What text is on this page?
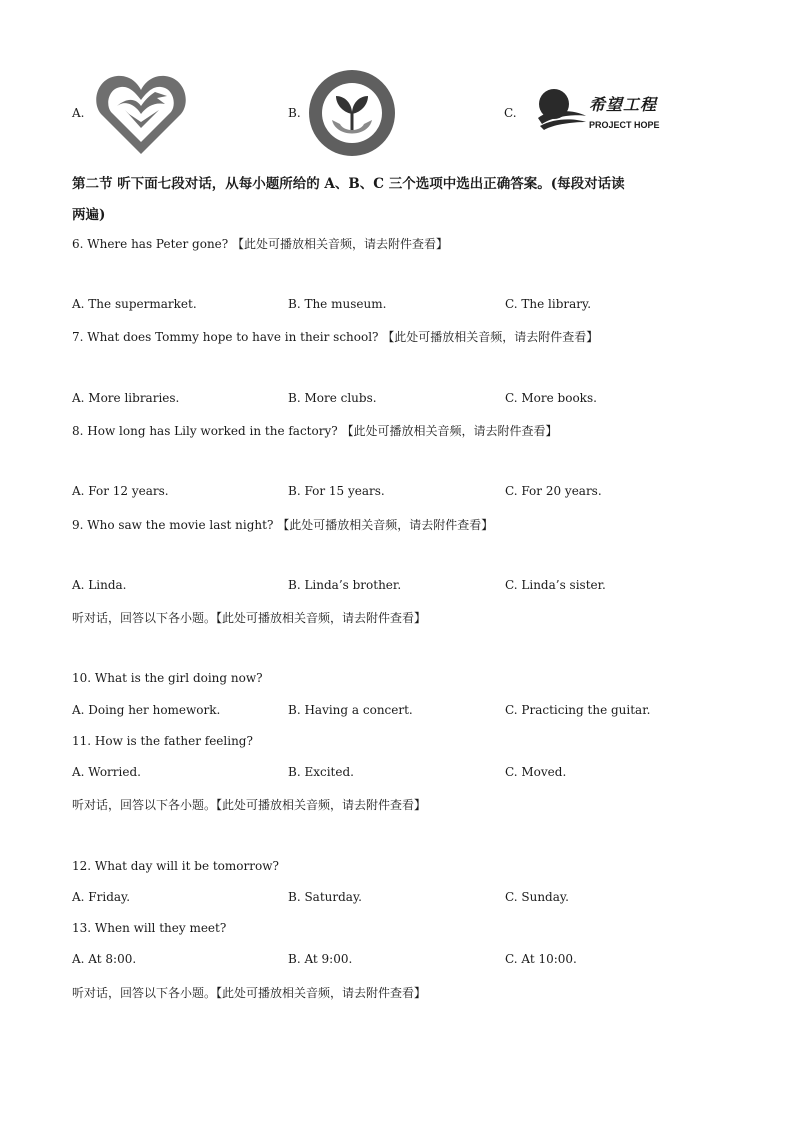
A.	B.	C.	希望工程
PROJECT HOPE
第二节 听下面七段对话，从每小题所给的 A、B、C 三个选项中选出正确答案。(每段对话读
两遍)
6. Where has Peter gone? 【此处可播放相关音频，请去附件查看】
A. The supermarket.	B. The museum.	C. The library.
7. What does Tommy hope to have in their school? 【此处可播放相关音频，请去附件查看】
A. More libraries.	B. More clubs.	C. More books.
8. How long has Lily worked in the factory? 【此处可播放相关音频，请去附件查看】
A. For 12 years.	B. For 15 years.	C. For 20 years.
9. Who saw the movie last night? 【此处可播放相关音频，请去附件查看】
A. Linda.	B. Linda’s brother.	C. Linda’s sister.
听对话，回答以下各小题。【此处可播放相关音频，请去附件查看】
10. What is the girl doing now?
A. Doing her homework.	B. Having a concert.	C. Practicing the guitar.
11. How is the father feeling?
A. Worried.	B. Excited.	C. Moved.
听对话，回答以下各小题。【此处可播放相关音频，请去附件查看】
12. What day will it be tomorrow?
A. Friday.	B. Saturday.	C. Sunday.
13. When will they meet?
A. At 8:00.	B. At 9:00.	C. At 10:00.
听对话，回答以下各小题。【此处可播放相关音频，请去附件查看】
